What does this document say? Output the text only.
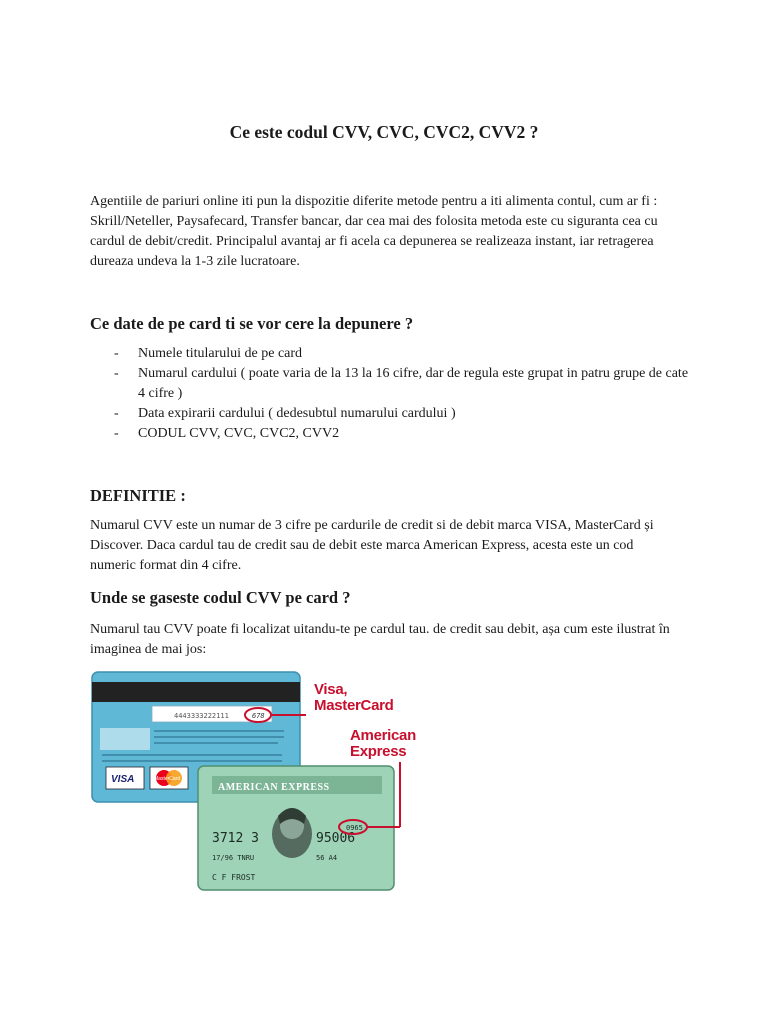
Ce este codul CVV, CVC, CVC2, CVV2 ?

Agentiile de pariuri online iti pun la dispozitie diferite metode pentru a iti alimenta contul, cum ar fi : Skrill/Neteller, Paysafecard, Transfer bancar, dar cea mai des folosita metoda este cu siguranta cea cu cardul de debit/credit. Principalul avantaj ar fi acela ca depunerea se realizeaza instant, iar retragerea dureaza undeva la 1-3 zile lucratoare.

Ce date de pe card ti se vor cere la depunere ?
- Numele titularului de pe card
- Numarul cardului ( poate varia de la 13 la 16 cifre, dar de regula este grupat in patru grupe de cate 4 cifre )
- Data expirarii cardului ( dedesubtul numarului cardului )
- CODUL CVV, CVC, CVC2, CVV2
DEFINITIE :

Numarul CVV este un numar de 3 cifre pe cardurile de credit si de debit marca VISA, MasterCard și Discover. Daca cardul tau de credit sau de debit este marca American Express, acesta este un cod numeric format din 4 cifre.

Unde se gaseste codul CVV pe card ?

Numarul tau CVV poate fi localizat uitandu-te pe cardul tau. de credit sau debit, așa cum este ilustrat în imaginea de mai jos:

4443333222111	678
VISA	MasterCard
AMERICAN EXPRESS
3712 3	95006
0965
17/96 TNRU	56 A4
C F FROST
Visa,
MasterCard
American
Express
